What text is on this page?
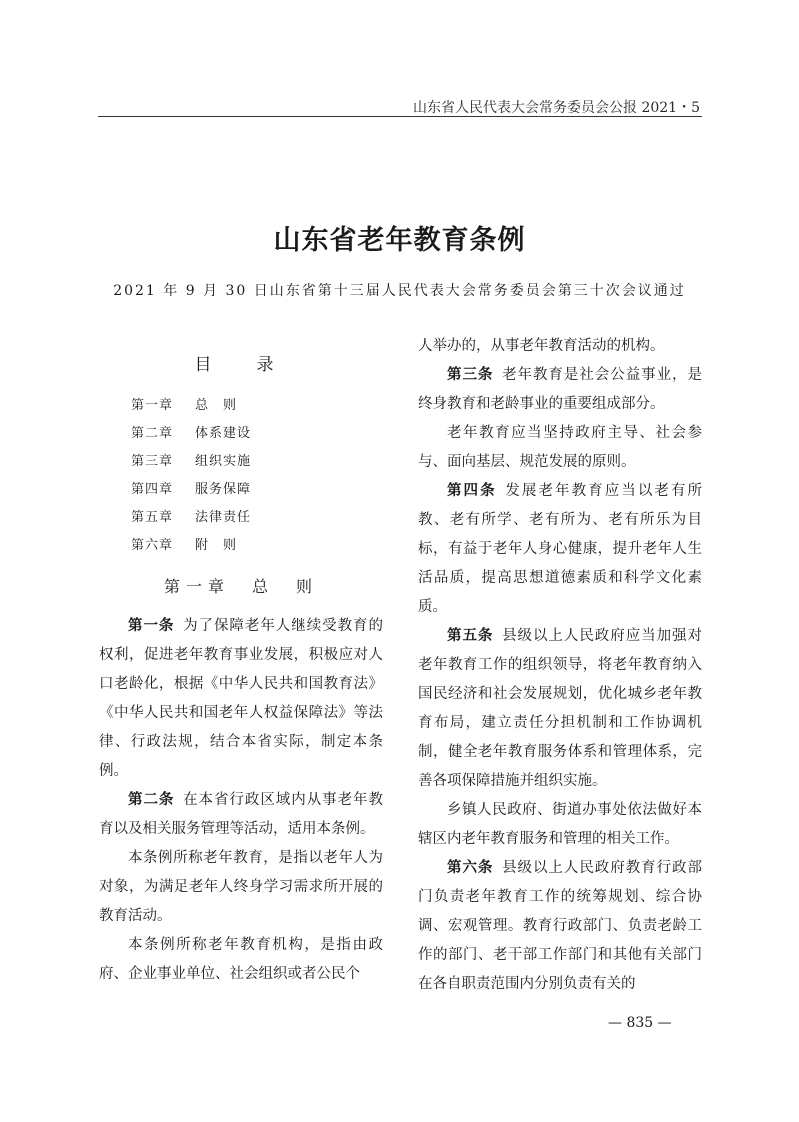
山东省人民代表大会常务委员会公报 2021・5
山东省老年教育条例
2021 年 9 月 30 日山东省第十三届人民代表大会常务委员会第三十次会议通过
目　录
第一章 总　则
第二章 体系建设
第三章 组织实施
第四章 服务保障
第五章 法律责任
第六章 附　则
第一章　总　则

第一条 为了保障老年人继续受教育的权利，促进老年教育事业发展，积极应对人口老龄化，根据《中华人民共和国教育法》《中华人民共和国老年人权益保障法》等法律、行政法规，结合本省实际，制定本条例。

第二条 在本省行政区域内从事老年教育以及相关服务管理等活动，适用本条例。

本条例所称老年教育，是指以老年人为对象，为满足老年人终身学习需求所开展的教育活动。

本条例所称老年教育机构，是指由政府、企业事业单位、社会组织或者公民个

人举办的，从事老年教育活动的机构。

第三条 老年教育是社会公益事业，是终身教育和老龄事业的重要组成部分。

老年教育应当坚持政府主导、社会参与、面向基层、规范发展的原则。

第四条 发展老年教育应当以老有所教、老有所学、老有所为、老有所乐为目标，有益于老年人身心健康，提升老年人生活品质，提高思想道德素质和科学文化素质。

第五条 县级以上人民政府应当加强对老年教育工作的组织领导，将老年教育纳入国民经济和社会发展规划，优化城乡老年教育布局，建立责任分担机制和工作协调机制，健全老年教育服务体系和管理体系，完善各项保障措施并组织实施。

乡镇人民政府、街道办事处依法做好本辖区内老年教育服务和管理的相关工作。

第六条 县级以上人民政府教育行政部门负责老年教育工作的统筹规划、综合协调、宏观管理。教育行政部门、负责老龄工作的部门、老干部工作部门和其他有关部门在各自职责范围内分别负责有关的

— 835 —
